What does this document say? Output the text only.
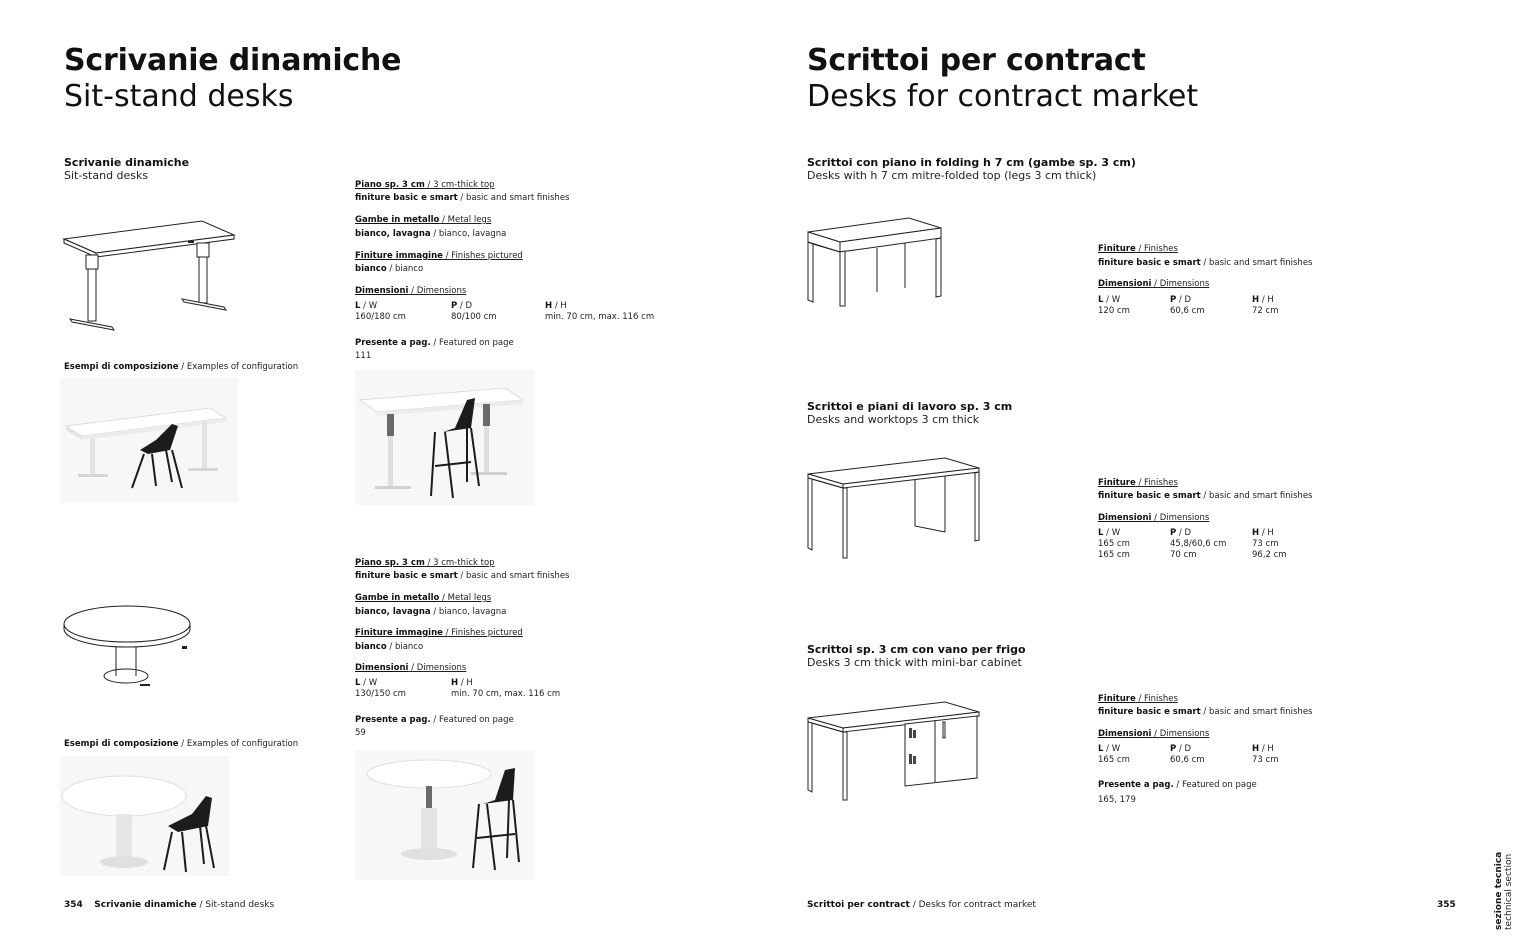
Scrivanie dinamiche
Sit-stand desks
Scrivanie dinamiche
Sit-stand desks
Piano sp. 3 cm / 3 cm-thick top
finiture basic e smart / basic and smart finishes
Gambe in metallo / Metal legs
bianco, lavagna / bianco, lavagna
Finiture immagine / Finishes pictured
bianco / bianco
Dimensioni / Dimensions
L / W
160/180 cm
P / D
80/100 cm
H / H
min. 70 cm, max. 116 cm
Presente a pag. / Featured on page
111
Esempi di composizione / Examples of configuration
Piano sp. 3 cm / 3 cm-thick top
finiture basic e smart / basic and smart finishes
Gambe in metallo / Metal legs
bianco, lavagna / bianco, lavagna
Finiture immagine / Finishes pictured
bianco / bianco
Dimensioni / Dimensions
L / W
130/150 cm
H / H
min. 70 cm, max. 116 cm
Presente a pag. / Featured on page
59
Esempi di composizione / Examples of configuration
354 Scrivanie dinamiche / Sit-stand desks
Scrittoi per contract
Desks for contract market
Scrittoi con piano in folding h 7 cm (gambe sp. 3 cm)
Desks with h 7 cm mitre-folded top (legs 3 cm thick)
Finiture / Finishes
finiture basic e smart / basic and smart finishes
Dimensioni / Dimensions
L / W
120 cm
P / D
60,6 cm
H / H
72 cm
Scrittoi e piani di lavoro sp. 3 cm
Desks and worktops 3 cm thick
Finiture / Finishes
finiture basic e smart / basic and smart finishes
Dimensioni / Dimensions
L / W
165 cm
165 cm
P / D
45,8/60,6 cm
70 cm
H / H
73 cm
96,2 cm
Scrittoi sp. 3 cm con vano per frigo
Desks 3 cm thick with mini-bar cabinet
Finiture / Finishes
finiture basic e smart / basic and smart finishes
Dimensioni / Dimensions
L / W
165 cm
P / D
60,6 cm
H / H
73 cm
Presente a pag. / Featured on page
165, 179
Scrittoi per contract / Desks for contract market	355	sezione tecnica technical section
